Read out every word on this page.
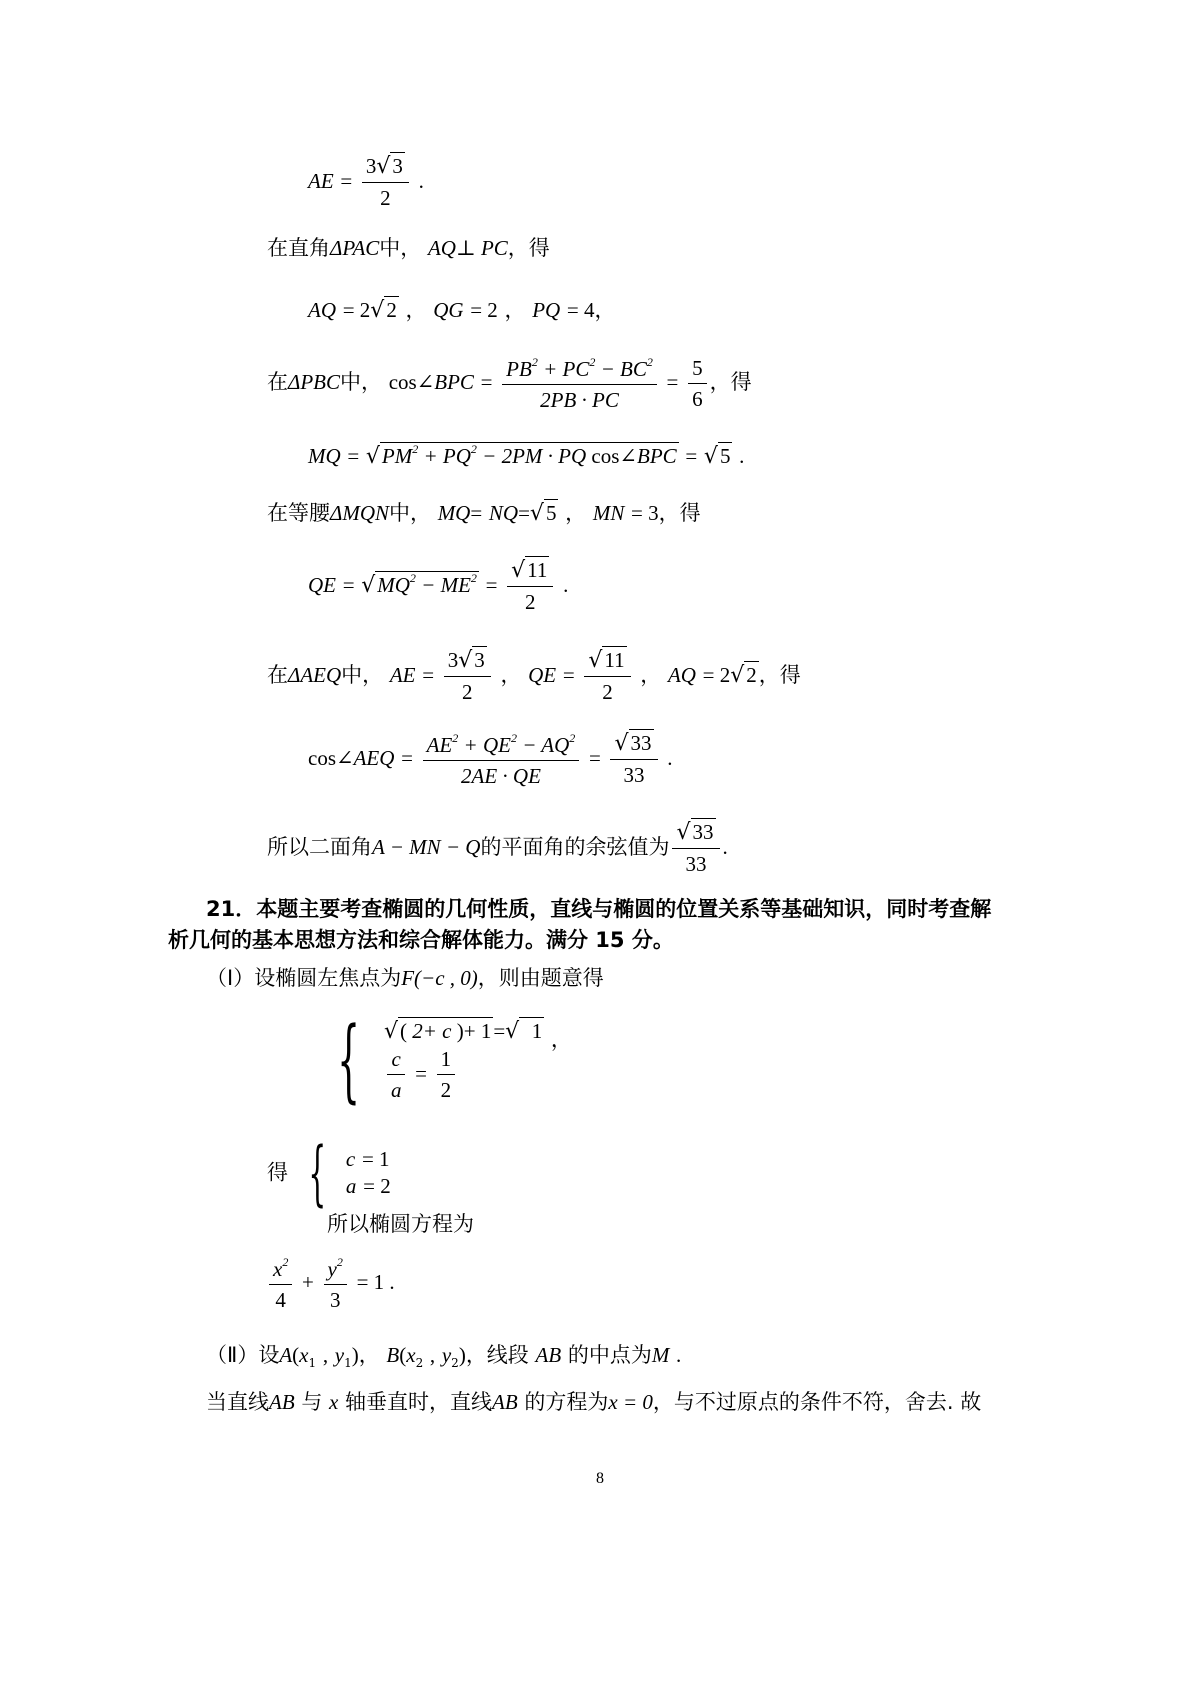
AE = $\frac{3√3}{2}$ .
在直角ΔPAC中， AQ⊥ PC，得
AQ = 2√2 ， QG = 2 ， PQ = 4，
在ΔPBC中， cos∠BPC = $\frac{PB^2 + PC^2 - BC^2}{2PB \cdot PC} = \frac{5}{6}$ ，得
MQ = $√PM^2 + PQ^2 - 2PM$ · PQ cos∠BPC = √5 .
在等腰ΔMQN中， MQ= NQ=√5 ， MN = 3，得
QE = $√MQ^2 - ME^2 = \frac{√11}{2}$ .
在ΔAEQ中， AE = $\frac{3√3}{2}$ ， QE = $\frac{√11}{2}$ ， AQ = 2√2，得
cos∠AEQ = $\frac{AE^2 + QE^2 - AQ^2}{2AE \cdot QE} = \frac{√33}{33}$ .
所以二面角A − MN − Q的平面角的余弦值为 $\frac{√33}{33}$ .
21．本题主要考查椭圆的几何性质，直线与椭圆的位置关系等基础知识，同时考查解
析几何的基本思想方法和综合解体能力。满分 15 分。
（Ⅰ）设椭圆左焦点为F(−c , 0)，则由题意得
{ √( 2+ c )+ 1=√  1
$\frac{c}{a} = \frac{1}{2}$
，
得 { c = 1
a = 2
所以椭圆方程为
$\frac{x^2}{4} + \frac{y^2}{3} = 1$ .
（Ⅱ）设$A(x_1$ , $y_1$)， $B(x_2$ , $y_2$)，线段 AB 的中点为M .
当直线AB 与 x 轴垂直时，直线AB 的方程为x = 0，与不过原点的条件不符，舍去. 故
8
